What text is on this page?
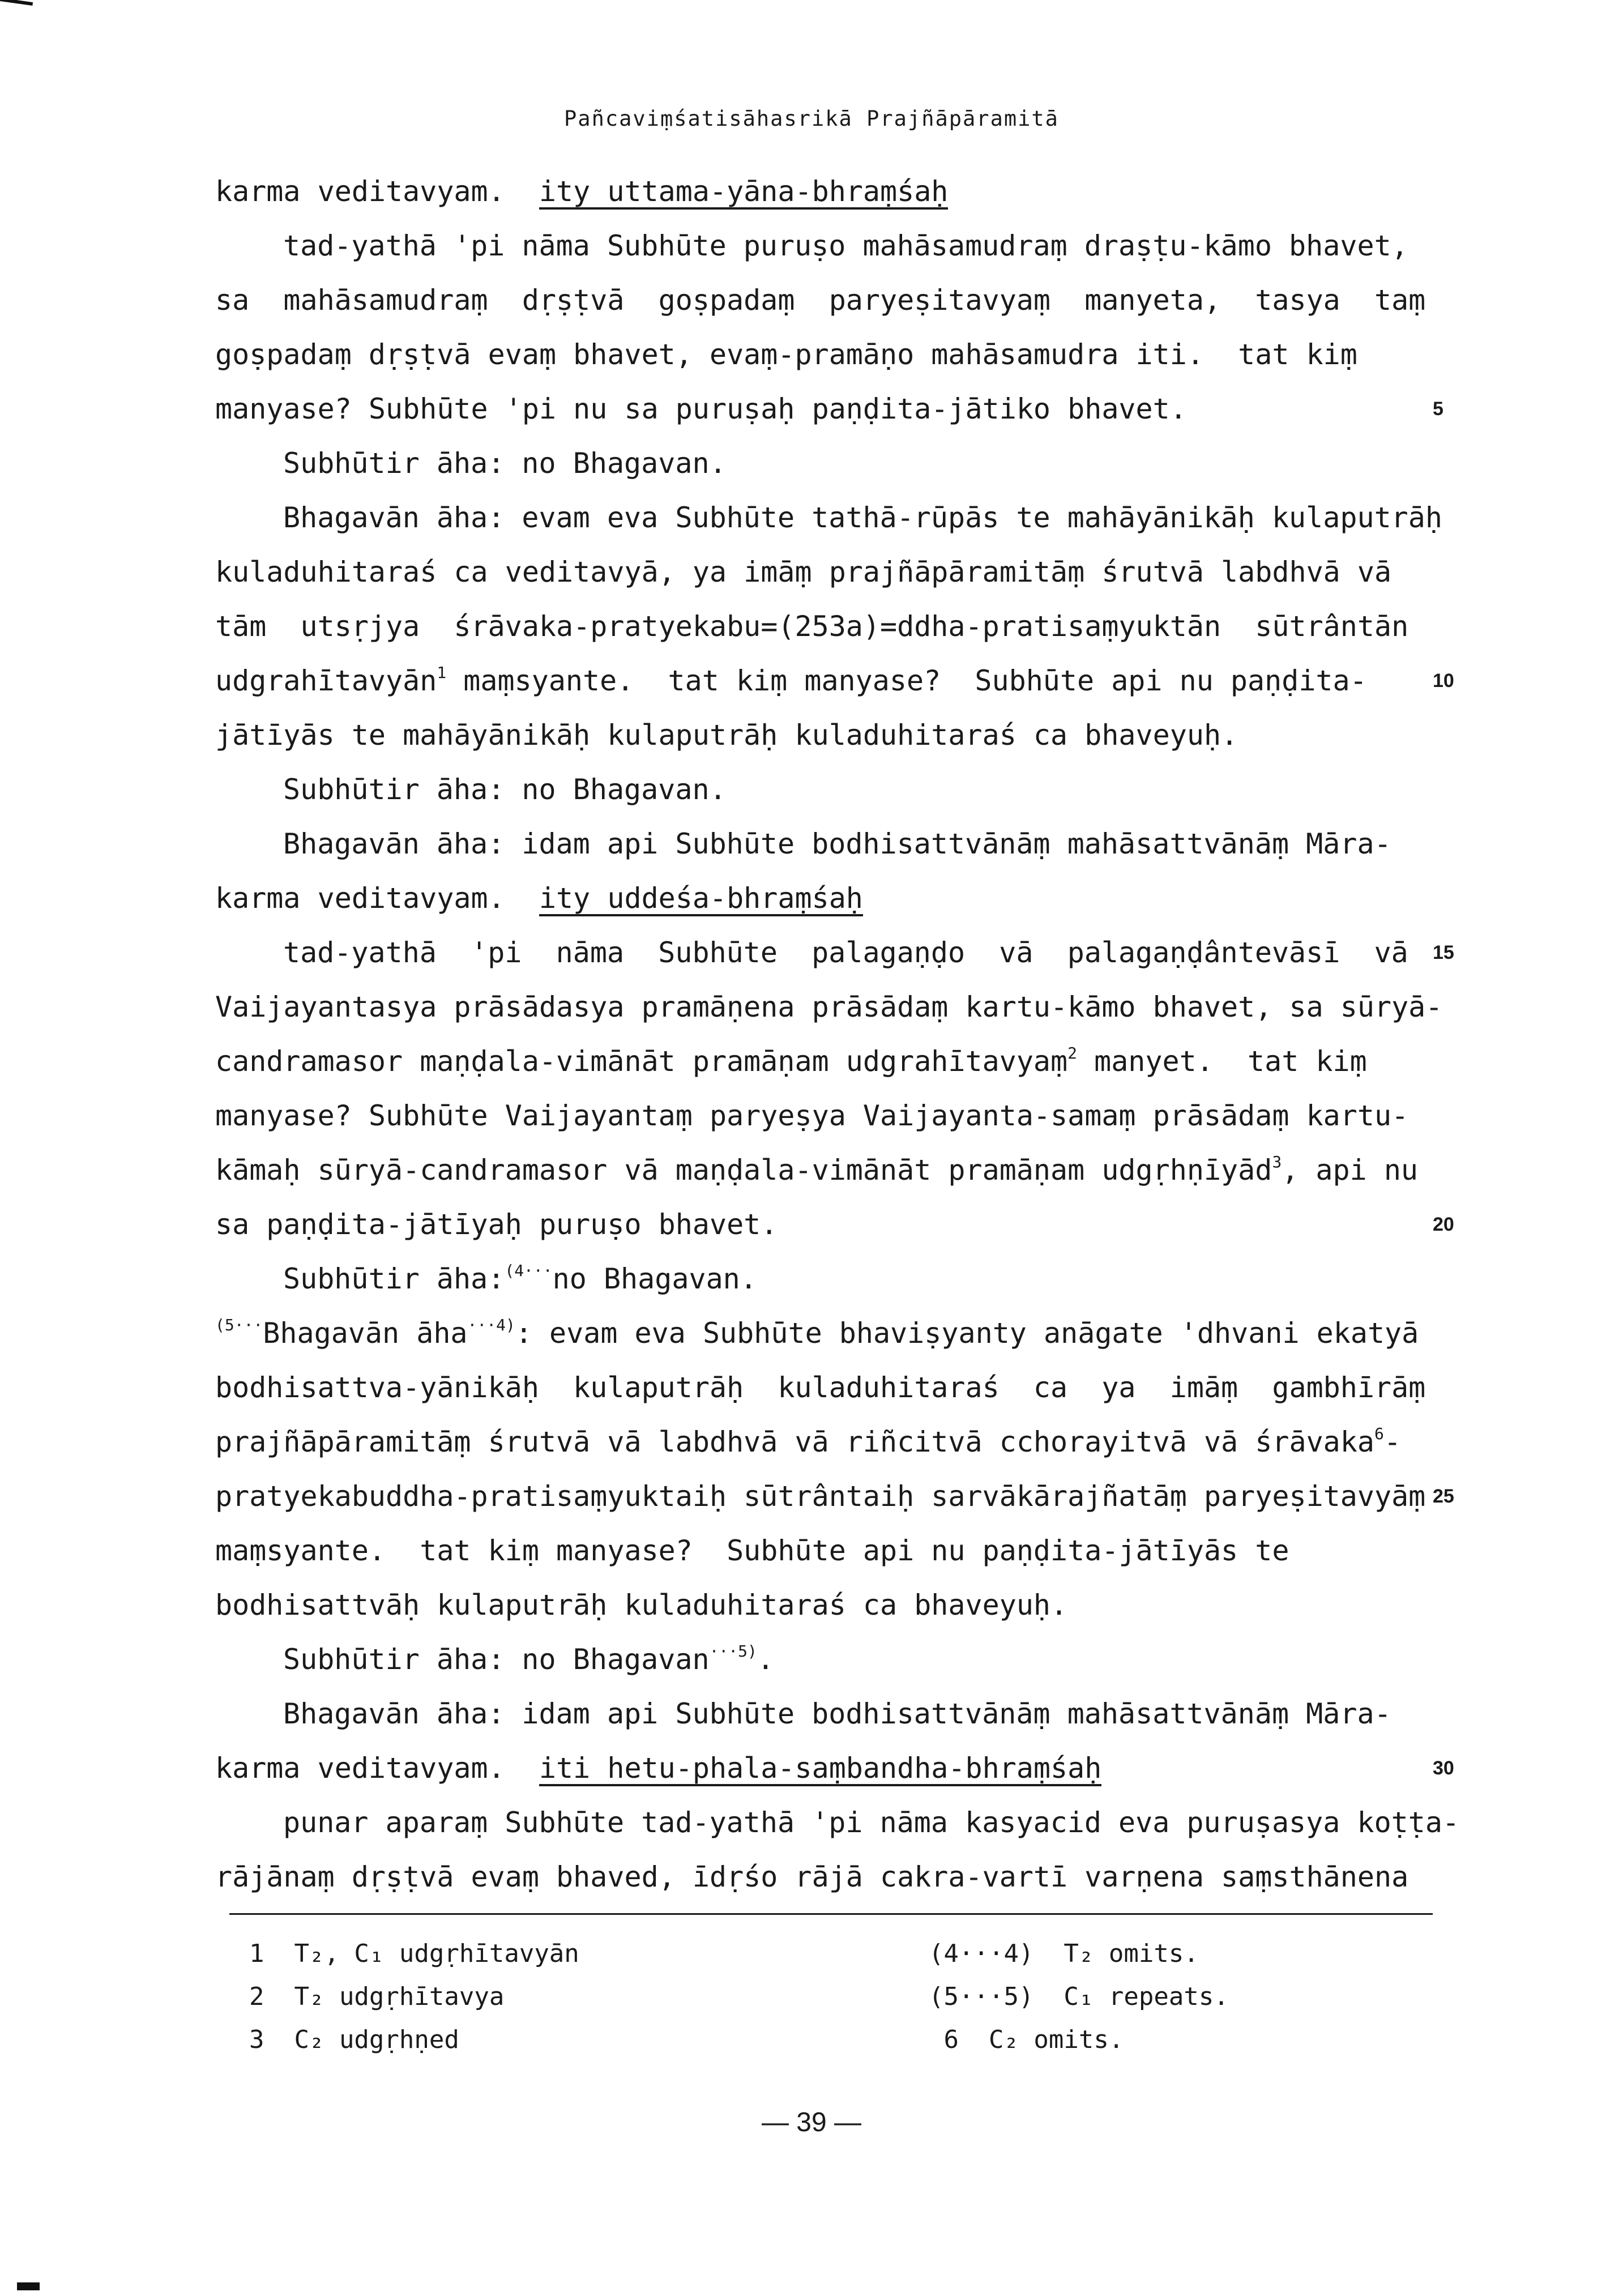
Pañcaviṃśatisāhasrikā Prajñāpāramitā
karma veditavyam.  ity uttama-yāna-bhraṃśaḥ
tad-yathā 'pi nāma Subhūte puruṣo mahāsamudraṃ draṣṭu-kāmo bhavet,
sa  mahāsamudraṃ  dṛṣṭvā  goṣpadaṃ  paryeṣitavyaṃ  manyeta,  tasya  taṃ
goṣpadaṃ dṛṣṭvā evaṃ bhavet, evaṃ-pramāṇo mahāsamudra iti.  tat kiṃ
manyase? Subhūte 'pi nu sa puruṣaḥ paṇḍita-jātiko bhavet.	5
Subhūtir āha: no Bhagavan.
Bhagavān āha: evam eva Subhūte tathā-rūpās te mahāyānikāḥ kulaputrāḥ
kuladuhitaraś ca veditavyā, ya imāṃ prajñāpāramitāṃ śrutvā labdhvā vā
tām  utsṛjya  śrāvaka-pratyekabu=(253a)=ddha-pratisaṃyuktān  sūtrântān
udgrahītavyān$^1$ maṃsyante.  tat kiṃ manyase?  Subhūte api nu paṇḍita-	10
jātīyās te mahāyānikāḥ kulaputrāḥ kuladuhitaraś ca bhaveyuḥ.
Subhūtir āha: no Bhagavan.
Bhagavān āha: idam api Subhūte bodhisattvānāṃ mahāsattvānāṃ Māra-
karma veditavyam.  ity uddeśa-bhraṃśaḥ
tad-yathā  'pi  nāma  Subhūte  palagaṇḍo  vā  palagaṇḍântevāsī  vā 15
Vaijayantasya prāsādasya pramāṇena prāsādaṃ kartu-kāmo bhavet, sa sūryā-
candramasor maṇḍala-vimānāt pramāṇam udgrahītavyaṃ$^2$ manyet.  tat kiṃ
manyase? Subhūte Vaijayantaṃ paryeṣya Vaijayanta-samaṃ prāsādaṃ kartu-
kāmaḥ sūryā-candramasor vā maṇḍala-vimānāt pramāṇam udgṛhṇīyād$^3$, api nu
sa paṇḍita-jātīyaḥ puruṣo bhavet.	20
Subhūtir āha:$^{(4\cdot\cdot\cdot}$no Bhagavan.
$^{(5\cdot\cdot\cdot}$Bhagavān āha$^{\cdot\cdot\cdot 4)}$: evam eva Subhūte bhaviṣyanty anāgate 'dhvani ekatyā
bodhisattva-yānikāḥ  kulaputrāḥ  kuladuhitaraś  ca  ya  imāṃ  gambhīrāṃ
prajñāpāramitāṃ śrutvā vā labdhvā vā riñcitvā cchorayitvā vā śrāvaka$^6$-
pratyekabuddha-pratisaṃyuktaiḥ sūtrântaiḥ sarvākārajñatāṃ paryeṣitavyāṃ 25
maṃsyante.  tat kiṃ manyase?  Subhūte api nu paṇḍita-jātīyās te
bodhisattvāḥ kulaputrāḥ kuladuhitaraś ca bhaveyuḥ.
Subhūtir āha: no Bhagavan$^{\cdot\cdot\cdot 5)}$.
Bhagavān āha: idam api Subhūte bodhisattvānāṃ mahāsattvānāṃ Māra-
karma veditavyam.  iti hetu-phala-saṃbandha-bhraṃśaḥ	30
punar aparaṃ Subhūte tad-yathā 'pi nāma kasyacid eva puruṣasya koṭṭa-
rājānaṃ dṛṣṭvā evaṃ bhaved, īdṛśo rājā cakra-vartī varṇena saṃsthānena
1  T₂, C₁ udgṛhītavyān	(4···4)  T₂ omits.
2  T₂ udgṛhītavya	(5···5)  C₁ repeats.
3  C₂ udgṛhṇed	6  C₂ omits.
— 39 —
